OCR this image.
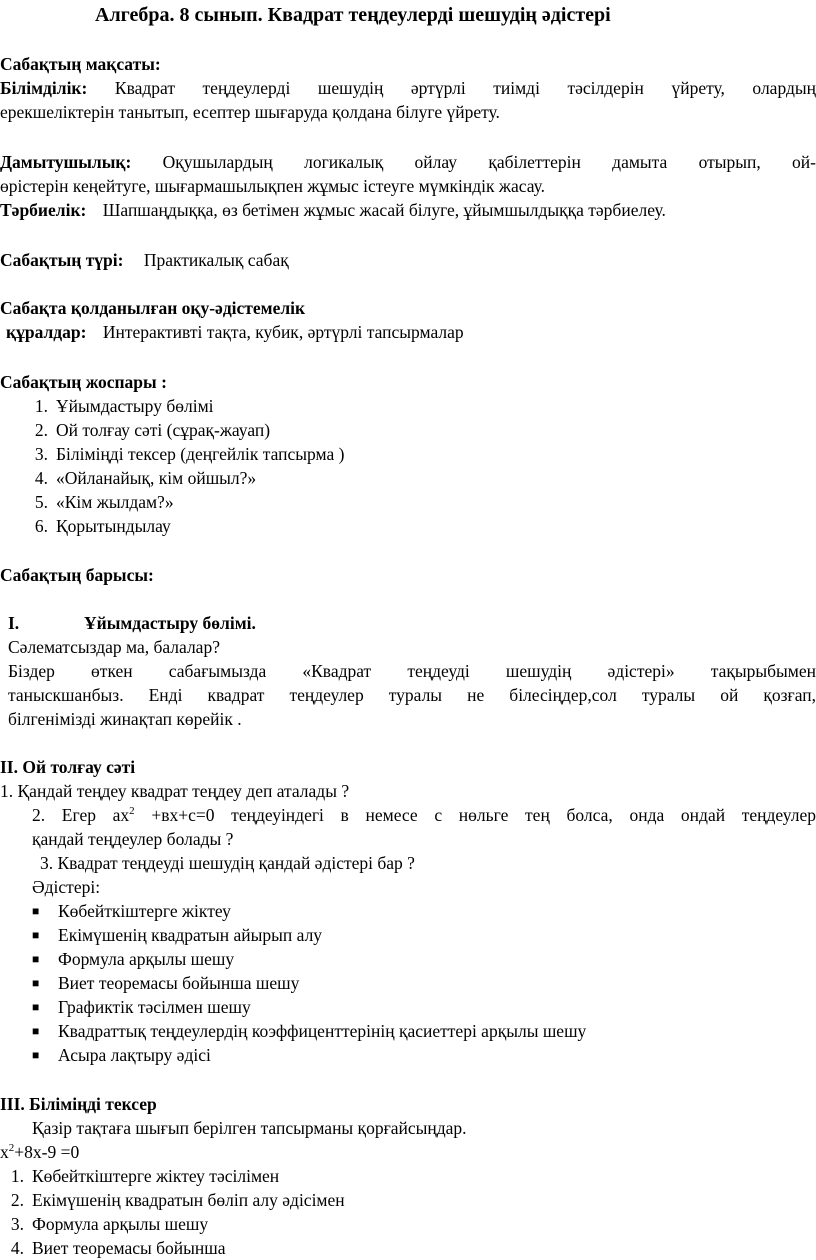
Алгебра. 8 сынып. Квадрат теңдеулерді шешудің әдістері
Сабақтың мақсаты:
Білімділік: Квадрат теңдеулерді шешудің әртүрлі тиімді тәсілдерін үйрету, олардың
ерекшеліктерін танытып, есептер шығаруда қолдана білуге үйрету.
Дамытушылық: Оқушылардың логикалық ойлау қабілеттерін дамыта отырып, ой-
өрістерін кеңейтуге, шығармашылықпен жұмыс істеуге мүмкіндік жасау.
Тәрбиелік: Шапшаңдыққа, өз бетімен жұмыс жасай білуге, ұйымшылдыққа тәрбиелеу.
Сабақтың түрі: Практикалық сабақ
Сабақта қолданылған оқу-әдістемелік
құралдар: Интерактивті тақта, кубик, әртүрлі тапсырмалар
Сабақтың жоспары :
1. Ұйымдастыру бөлімі
2. Ой толғау сәті (сұрақ-жауап)
3. Біліміңді тексер (деңгейлік тапсырма )
4. «Ойланайық, кім ойшыл?»
5. «Кім жылдам?»
6. Қорытындылау
Сабақтың барысы:
I.	Ұйымдастыру бөлімі.
Сәлематсыздар ма, балалар?
Біздер өткен сабағымызда «Квадрат теңдеуді шешудің әдістері» тақырыбымен
таныскшанбыз. Енді квадрат теңдеулер туралы не білесіңдер,сол туралы ой қозғап,
білгеніміздi жинақтап көрейік .
II. Ой толғау сәті
1. Қандай теңдеу квадрат теңдеу деп аталады ?
2. Егер $ах^2 +вх+с=0$ теңдеуіндегі в немесе с нөльге тең болса, онда ондай теңдеулер
қандай теңдеулер болады ?
3. Квадрат теңдеуді шешудің қандай әдістері бар ?
Әдістері:
■ Көбейткіштерге жіктеу
■ Екімүшенің квадратын айырып алу
■ Формула арқылы шешу
■ Виет теоремасы бойынша шешу
■ Графиктік тәсілмен шешу
■ Квадраттық теңдеулердің коэффиценттерінің қасиеттері арқылы шешу
■ Асыра лақтыру әдісі
III. Біліміңді тексер
Қазір тақтаға шығып берілген тапсырманы қорғайсыңдар.
$х^2+8х-9 =0$
1. Көбейткіштерге жіктеу тәсілімен
2. Екімүшенің квадратын бөліп алу әдісімен
3. Формула арқылы шешу
4. Виет теоремасы бойынша
